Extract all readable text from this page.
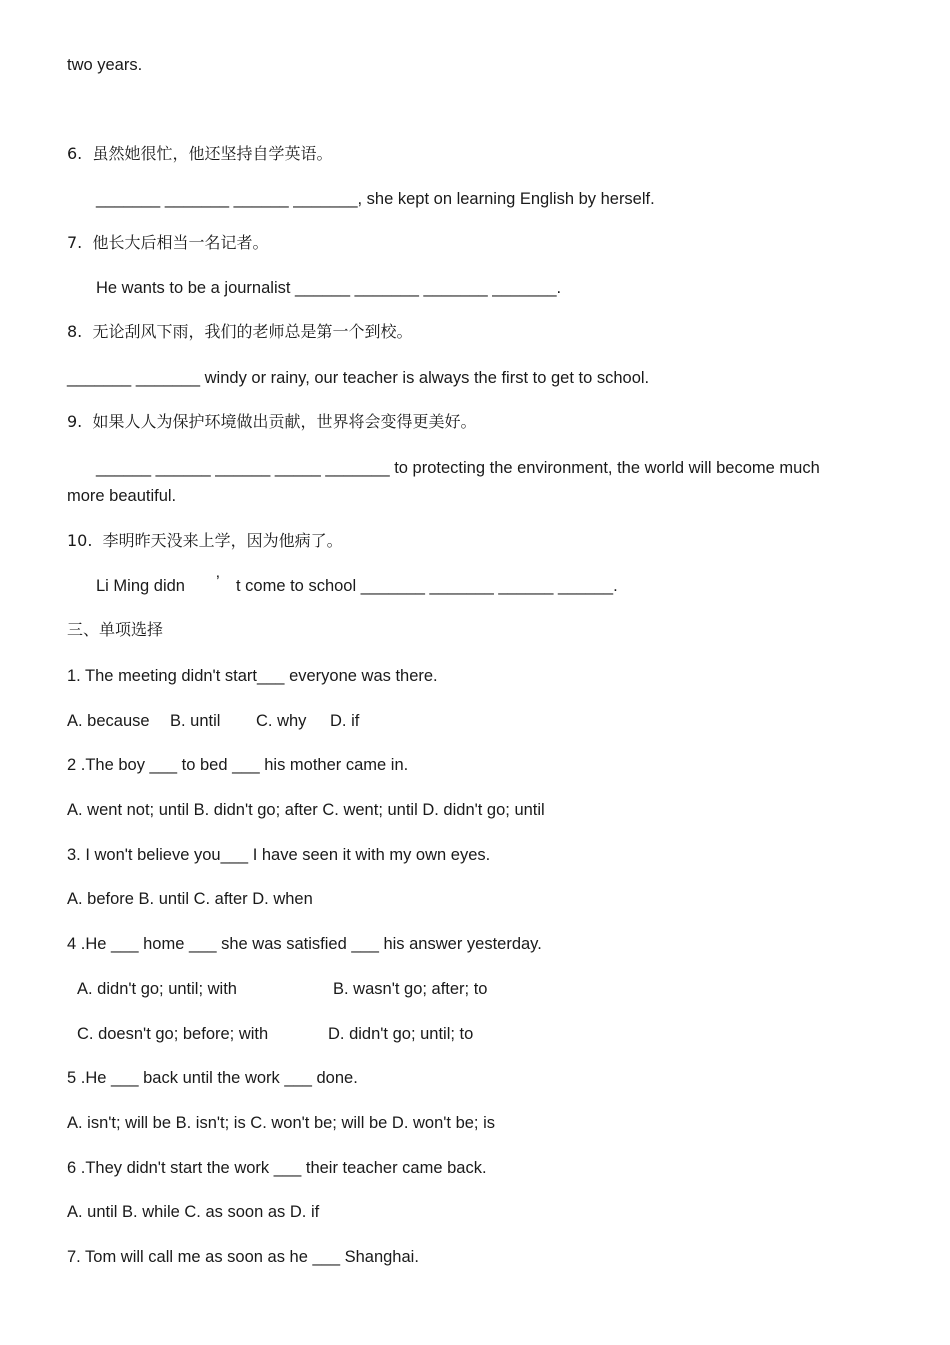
two years.

6.  虽然她很忙，他还坚持自学英语。

_______ _______ ______ _______, she kept on learning English by herself.

7.  他长大后相当一名记者。

He wants to be a journalist ______ _______ _______ _______.

8.  无论刮风下雨，我们的老师总是第一个到校。

_______ _______ windy or rainy, our teacher is always the first to get to school.

9.  如果人人为保护环境做出贡献，世界将会变得更美好。

______ ______ ______ _____ _______ to protecting the environment, the world will become much

more beautiful.

10.  李明昨天没来上学，因为他病了。

Li Ming didn ’ t come to school _______ _______ ______ ______.

三、单项选择

1. The meeting didn't start___ everyone was there.

A. because B. until C. why D. if

2 .The boy ___ to bed ___ his mother came in.

A. went not; until B. didn't go; after C. went; until D. didn't go; until

3. I won't believe you___ I have seen it with my own eyes.

A. before B. until C. after D. when

4 .He ___ home ___ she was satisfied ___ his answer yesterday.

A. didn't go; until; with	B. wasn't go; after; to

C. doesn't go; before; with	D. didn't go; until; to

5 .He ___ back until the work ___ done.

A. isn't; will be B. isn't; is C. won't be; will be D. won't be; is

6 .They didn't start the work ___ their teacher came back.

A. until B. while C. as soon as D. if

7. Tom will call me as soon as he ___ Shanghai.
